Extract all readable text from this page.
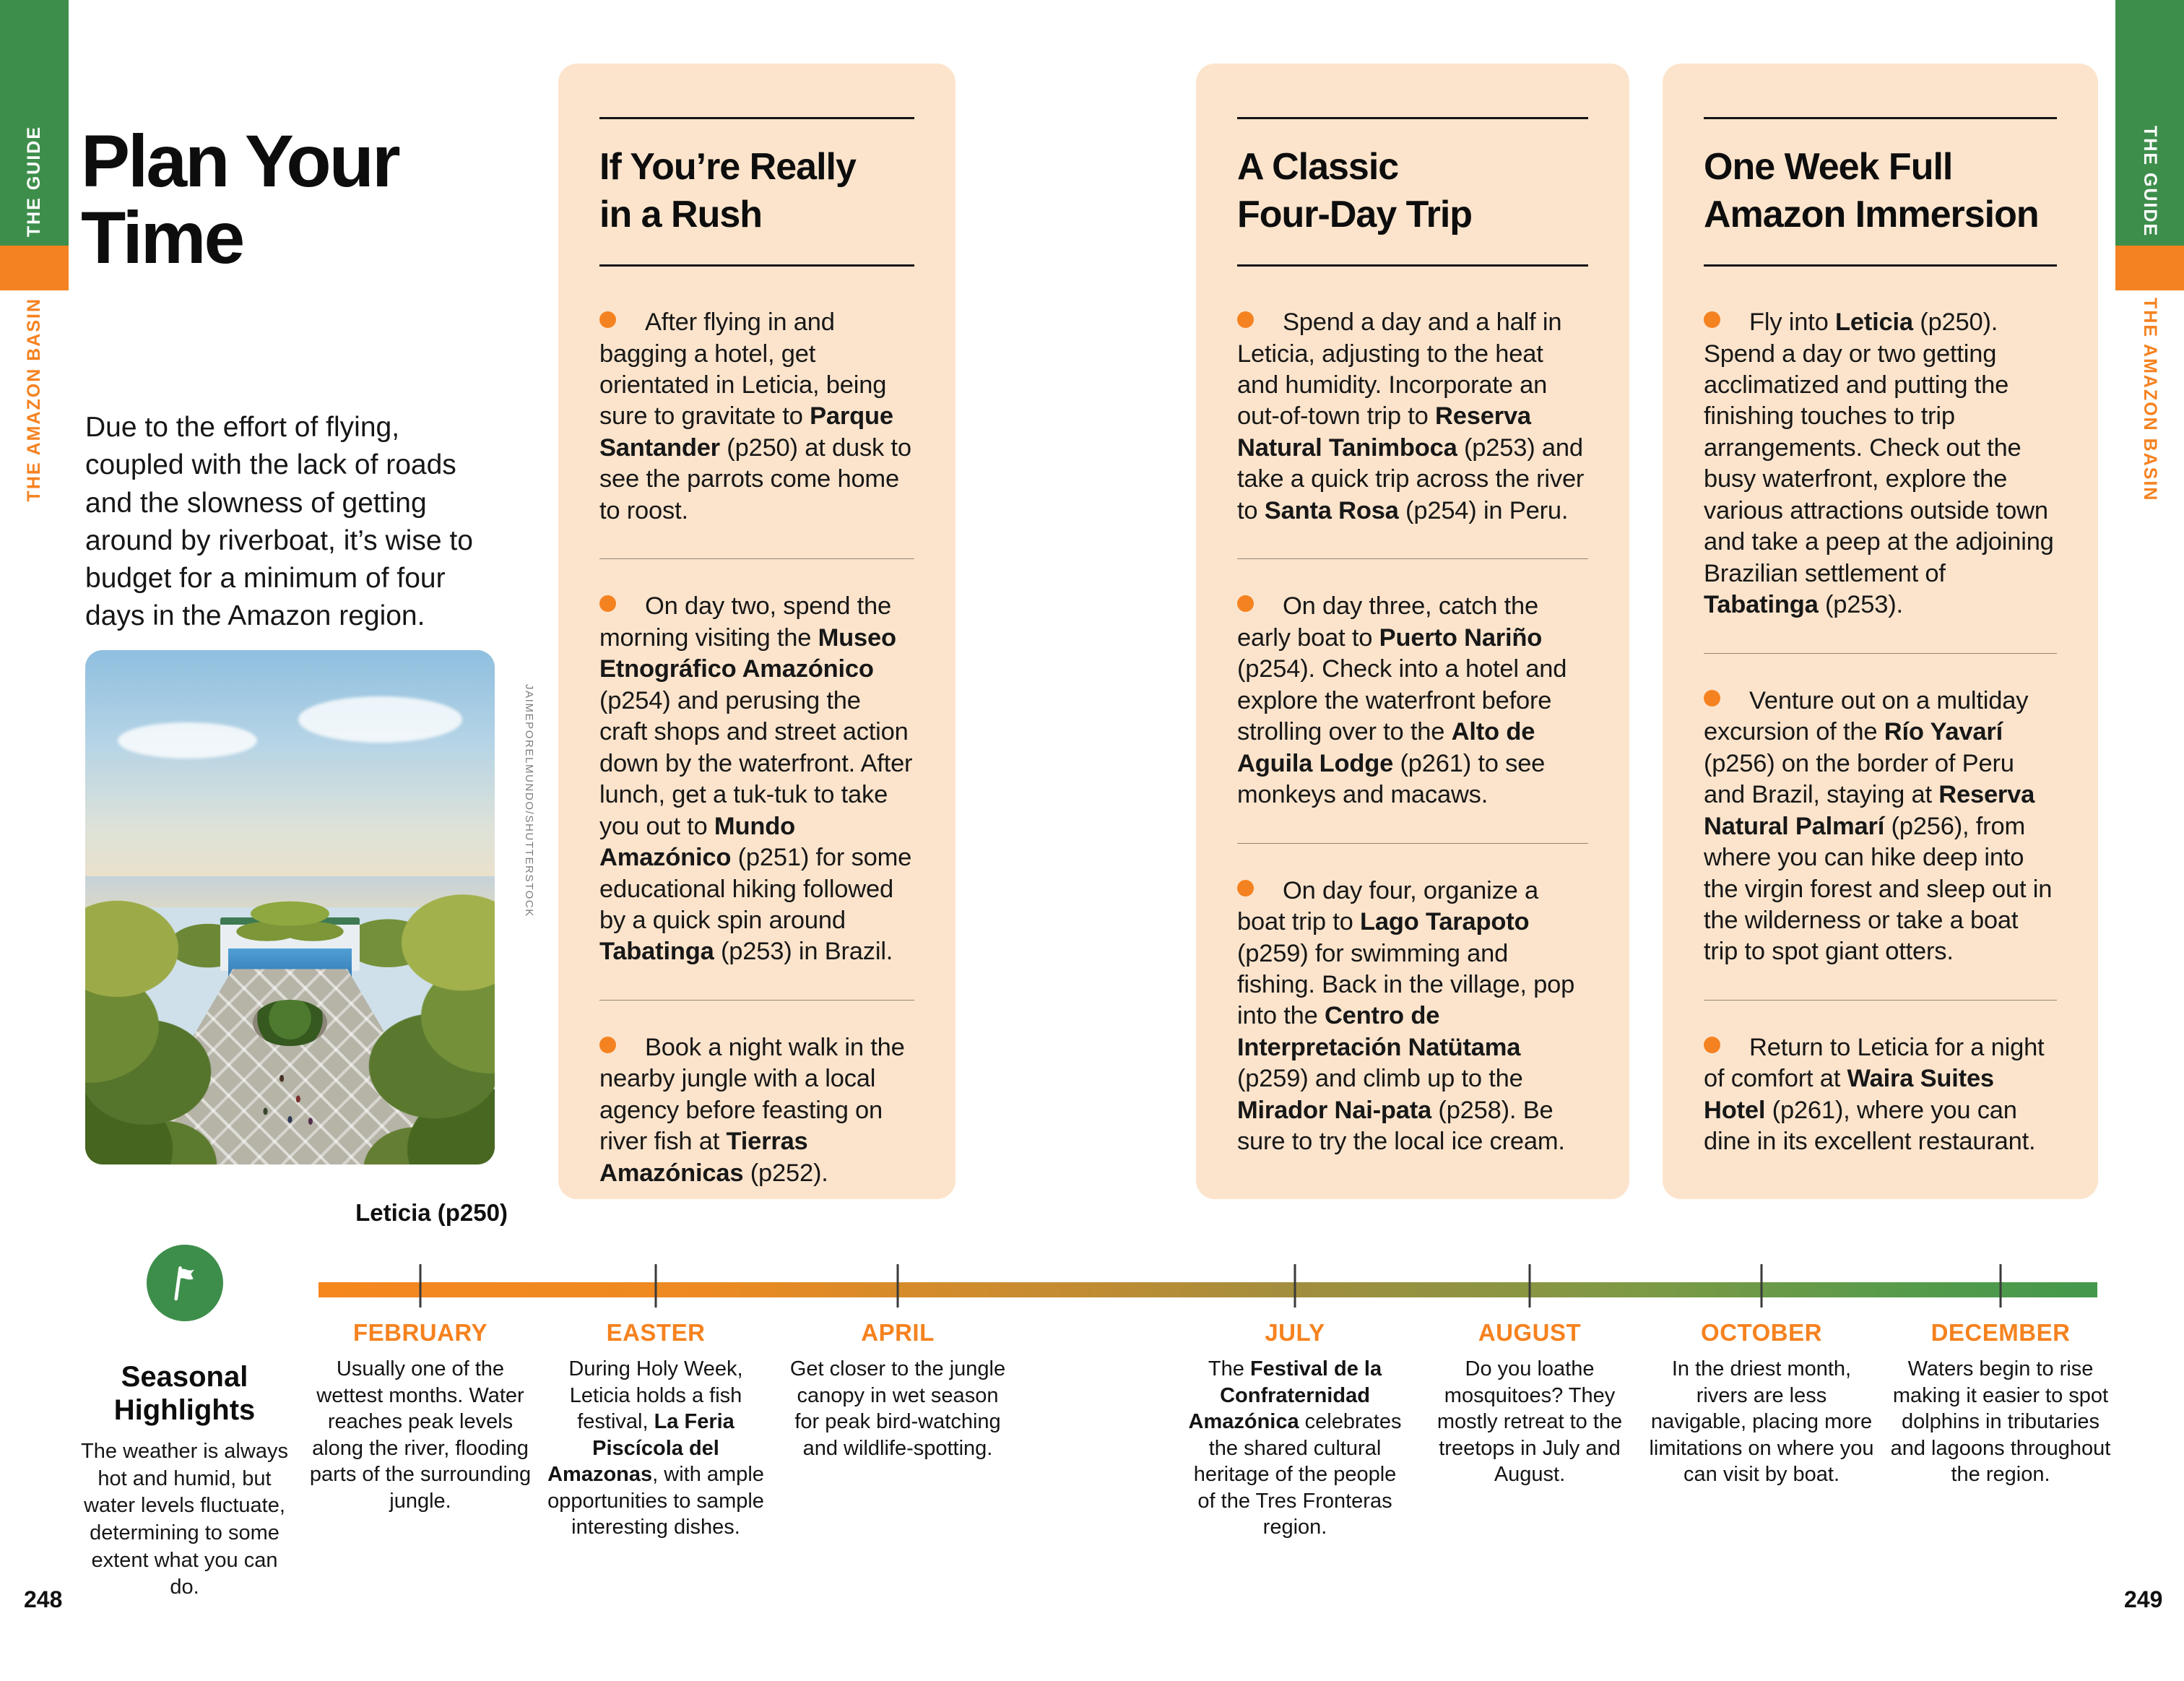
THE GUIDE
THE AMAZON BASIN
THE GUIDE
THE AMAZON BASIN
Plan Your
Time

Due to the effort of flying, coupled with the lack of roads and the slowness of getting around by riverboat, it’s wise to budget for a minimum of four days in the Amazon region.

JAIMEPORELMUNDO/SHUTTERSTOCK

Leticia (p250)

If You’re Really
in a Rush

After flying in and bagging a hotel, get orientated in Leticia, being sure to gravitate to Parque Santander (p250) at dusk to see the parrots come home to roost.

On day two, spend the morning visiting the Museo Etnográfico Amazónico (p254) and perusing the craft shops and street action down by the waterfront. After lunch, get a tuk-tuk to take you out to Mundo Amazónico (p251) for some educational hiking followed by a quick spin around Tabatinga (p253) in Brazil.

Book a night walk in the nearby jungle with a local agency before feasting on river fish at Tierras Amazónicas (p252).

A Classic
Four-Day Trip

Spend a day and a half in Leticia, adjusting to the heat and humidity. Incorporate an out-of-town trip to Reserva Natural Tanimboca (p253) and take a quick trip across the river to Santa Rosa (p254) in Peru.

On day three, catch the early boat to Puerto Nariño (p254). Check into a hotel and explore the waterfront before strolling over to the Alto de Aguila Lodge (p261) to see monkeys and macaws.

On day four, organize a boat trip to Lago Tarapoto (p259) for swimming and fishing. Back in the village, pop into the Centro de Interpretación Natütama (p259) and climb up to the Mirador Nai-pata (p258). Be sure to try the local ice cream.

One Week Full
Amazon Immersion

Fly into Leticia (p250). Spend a day or two getting acclimatized and putting the finishing touches to trip arrangements. Check out the busy waterfront, explore the various attractions outside town and take a peep at the adjoining Brazilian settlement of Tabatinga (p253).

Venture out on a multiday excursion of the Río Yavarí (p256) on the border of Peru and Brazil, staying at Reserva Natural Palmarí (p256), from where you can hike deep into the virgin forest and sleep out in the wilderness or take a boat trip to spot giant otters.

Return to Leticia for a night of comfort at Waira Suites Hotel (p261), where you can dine in its excellent restaurant.

Seasonal
Highlights

The weather is always hot and humid, but water levels fluctuate, determining to some extent what you can do.

FEBRUARY

Usually one of the wettest months. Water reaches peak levels along the river, flooding parts of the surrounding jungle.

EASTER

During Holy Week, Leticia holds a fish festival, La Feria Piscícola del Amazonas, with ample opportunities to sample interesting dishes.

APRIL

Get closer to the jungle canopy in wet season for peak bird-watching and wildlife-spotting.

JULY

The Festival de la Confraternidad Amazónica celebrates the shared cultural heritage of the people of the Tres Fronteras region.

AUGUST

Do you loathe mosquitoes? They mostly retreat to the treetops in July and August.

OCTOBER

In the driest month, rivers are less navigable, placing more limitations on where you can visit by boat.

DECEMBER

Waters begin to rise making it easier to spot dolphins in tributaries and lagoons throughout the region.

248	249
